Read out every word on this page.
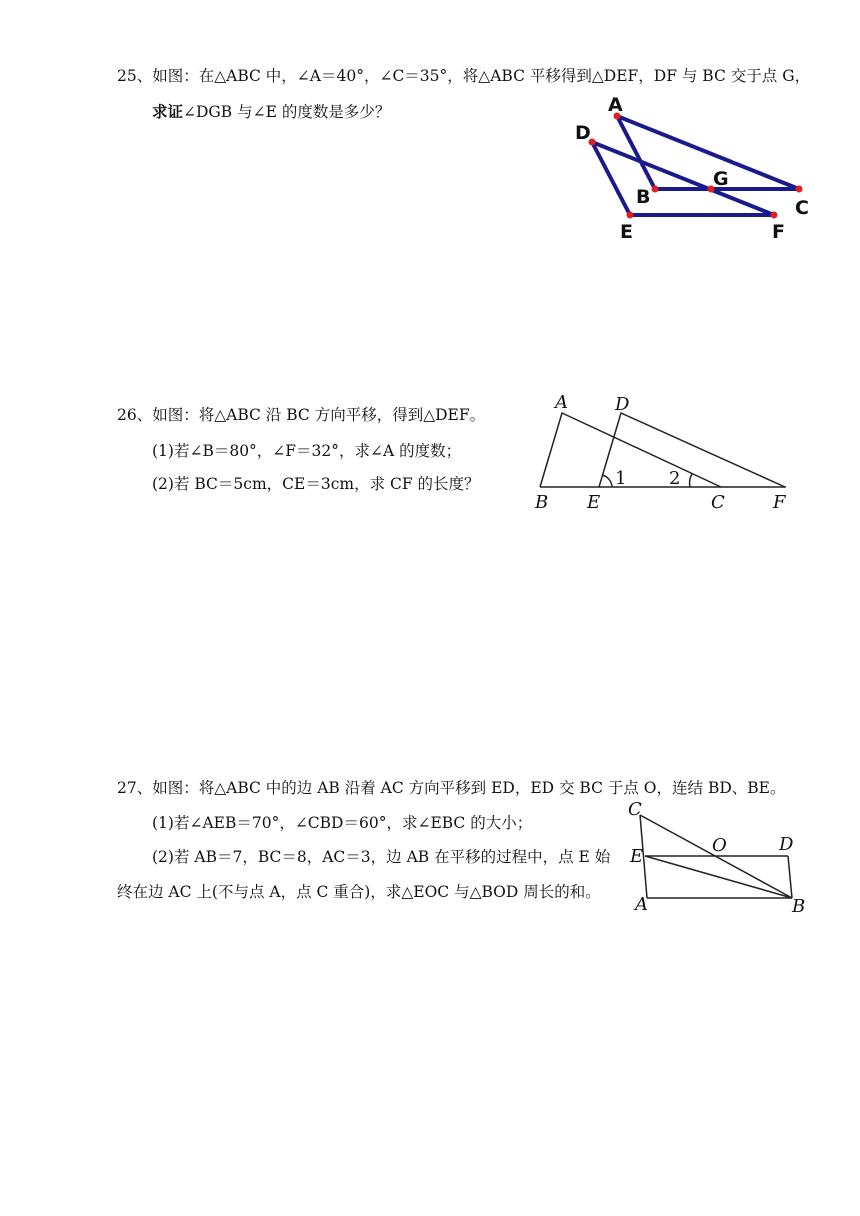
25、如图：在△ABC 中，∠A＝40°，∠C＝35°，将△ABC 平移得到△DEF，DF 与 BC 交于点 G，
求证∠DGB 与∠E 的度数是多少？	A
B	C
D
E	F
G
26、如图：将△ABC 沿 BC 方向平移，得到△DEF。
(1)若∠B＝80°，∠F＝32°，求∠A 的度数；
(2)若 BC＝5cm，CE＝3cm，求 CF 的长度？
A	D
B E	C	F
1 2
27、如图：将△ABC 中的边 AB 沿着 AC 方向平移到 ED，ED 交 BC 于点 O，连结 BD、BE。
(1)若∠AEB＝70°，∠CBD＝60°，求∠EBC 的大小；
(2)若 AB＝7，BC＝8，AC＝3，边 AB 在平移的过程中，点 E 始
终在边 AC 上(不与点 A，点 C 重合)，求△EOC 与△BOD 周长的和。
C
E
A
O	D
B
